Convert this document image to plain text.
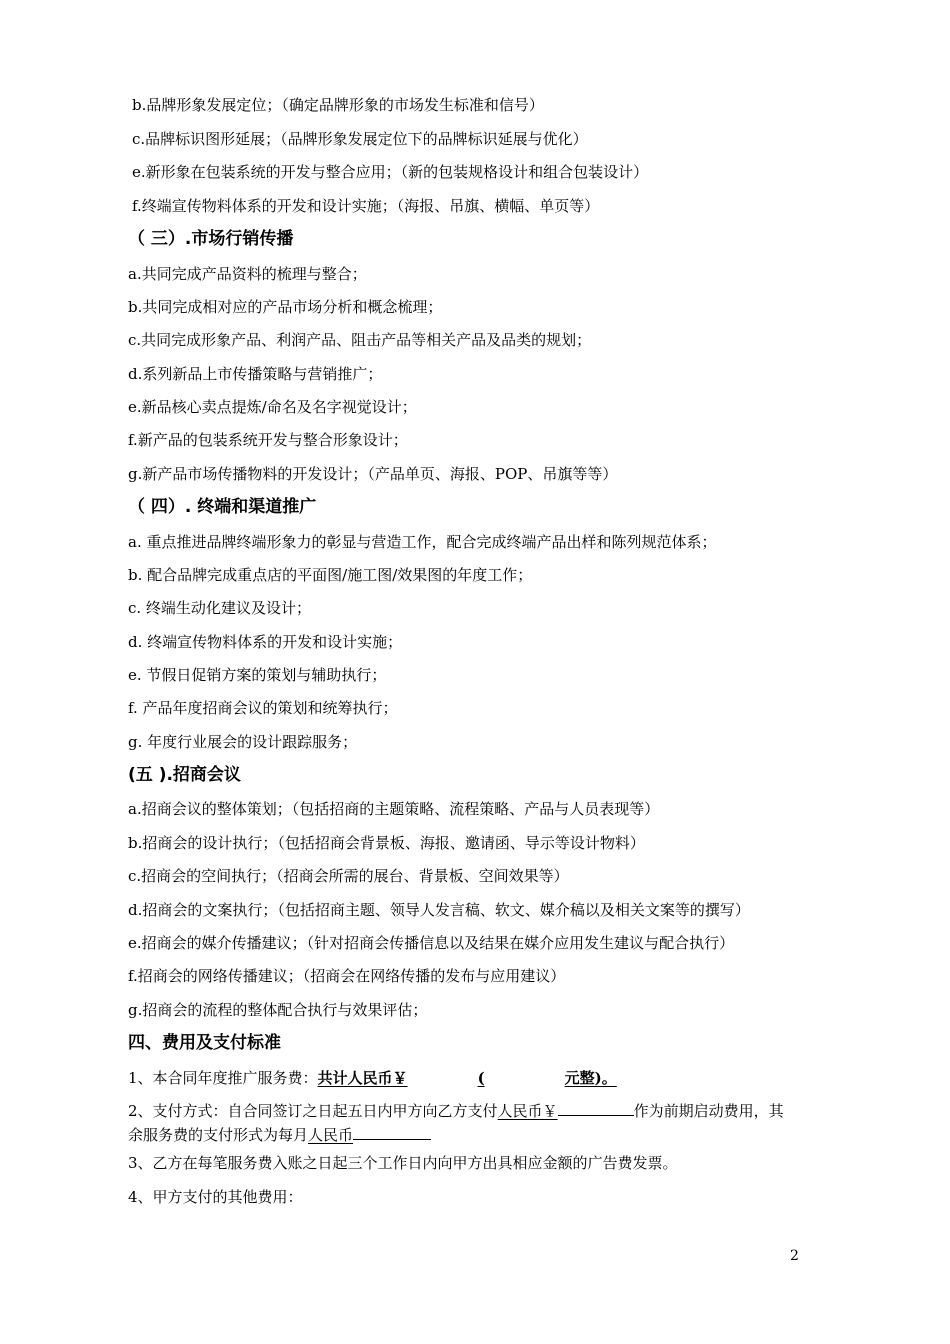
b.品牌形象发展定位；（确定品牌形象的市场发生标准和信号）
c.品牌标识图形延展；（品牌形象发展定位下的品牌标识延展与优化）
e.新形象在包装系统的开发与整合应用；（新的包装规格设计和组合包装设计）
f.终端宣传物料体系的开发和设计实施；（海报、吊旗、横幅、单页等）
（ 三）.市场行销传播
a.共同完成产品资料的梳理与整合；
b.共同完成相对应的产品市场分析和概念梳理；
c.共同完成形象产品、利润产品、阻击产品等相关产品及品类的规划；
d.系列新品上市传播策略与营销推广；
e.新品核心卖点提炼/命名及名字视觉设计；
f.新产品的包装系统开发与整合形象设计；
g.新产品市场传播物料的开发设计；（产品单页、海报、POP、吊旗等等）
（ 四）. 终端和渠道推广
a. 重点推进品牌终端形象力的彰显与营造工作，配合完成终端产品出样和陈列规范体系；
b. 配合品牌完成重点店的平面图/施工图/效果图的年度工作；
c. 终端生动化建议及设计；
d. 终端宣传物料体系的开发和设计实施；
e. 节假日促销方案的策划与辅助执行；
f. 产品年度招商会议的策划和统筹执行；
g. 年度行业展会的设计跟踪服务；
(五 ).招商会议
a.招商会议的整体策划；（包括招商的主题策略、流程策略、产品与人员表现等）
b.招商会的设计执行；（包括招商会背景板、海报、邀请函、导示等设计物料）
c.招商会的空间执行；（招商会所需的展台、背景板、空间效果等）
d.招商会的文案执行；（包括招商主题、领导人发言稿、软文、媒介稿以及相关文案等的撰写）
e.招商会的媒介传播建议；（针对招商会传播信息以及结果在媒介应用发生建议与配合执行）
f.招商会的网络传播建议；（招商会在网络传播的发布与应用建议）
g.招商会的流程的整体配合执行与效果评估；
四、费用及支付标准
1、本合同年度推广服务费：共计人民币￥	(	元整)。
2、支付方式：自合同签订之日起五日内甲方向乙方支付人民币￥	作为前期启动费用，其
余服务费的支付形式为每月人民币
3、乙方在每笔服务费入账之日起三个工作日内向甲方出具相应金额的广告费发票。
4、甲方支付的其他费用：
2
